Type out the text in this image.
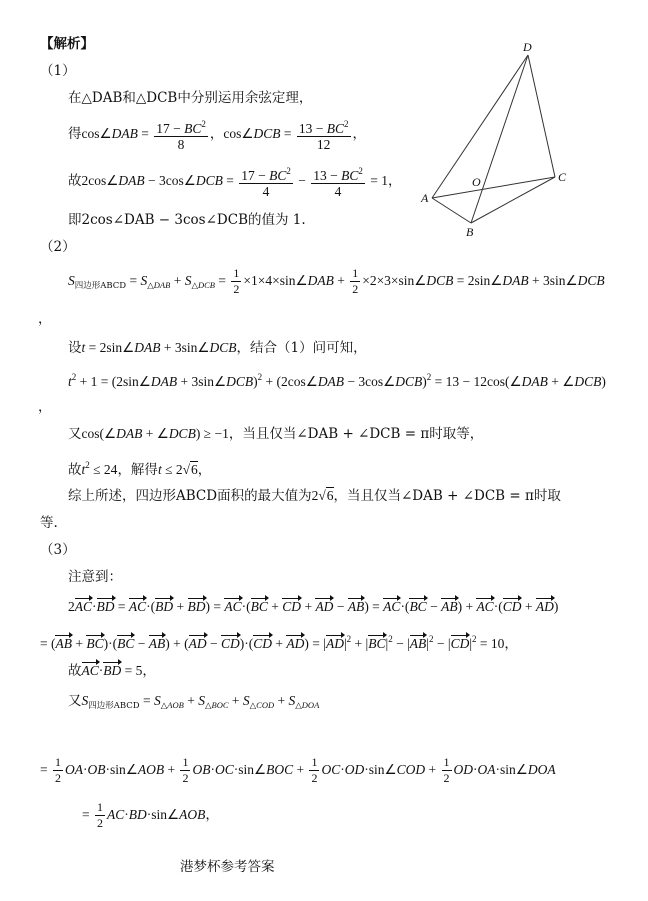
【解析】
（1）
在△DAB和△DCB中分别运用余弦定理，
得cos∠DAB = $\frac{17 - BC^2}{8}$ ，cos∠DCB = $\frac{13 - BC^2}{12}$ ，
故2cos∠DAB − 3cos∠DCB = $\frac{17 - BC^2}{4} - \frac{13 - BC^2}{4} = 1$，
即2cos∠DAB − 3cos∠DCB的值为 1.
D
A
O	C
B
（2）
$S_{四边形ABCD} = S_{\triangle DAB} + S_{\triangle DCB} = \frac{1}{2}$ ×1×4×sin∠DAB + $\frac{1}{2}$ ×2×3×sin∠DCB = 2sin∠DAB + 3sin∠DCB
，
设t = 2sin∠DAB + 3sin∠DCB，结合（1）问可知，
$t^2 + 1$ = (2sin∠DAB + 3sin∠DCB)$^2$ + (2cos∠DAB − 3cos∠DCB)$^2$ = 13 − 12cos(∠DAB + ∠DCB)
，
又cos(∠DAB + ∠DCB) ≥ −1，当且仅当∠DAB + ∠DCB = π时取等，
故$t^2 \le 24$，解得t ≤ 2√6，
综上所述，四边形ABCD面积的最大值为2√6，当且仅当∠DAB + ∠DCB = π时取
等.
（3）
注意到：
2AC·BD = AC·(BD + BD) = AC·(BC + CD + AD − AB) = AC·(BC − AB) + AC·(CD + AD)
= $(AB + BC)\cdot(BC - AB) + (AD - CD)\cdot(CD + AD) = |AD|^2 + |BC|^2 - |AB|^2 - |CD|^2 = 10$，
故AC·BD = 5，
又$S_{四边形ABCD} = S_{\triangle AOB} + S_{\triangle BOC} + S_{\triangle COD} + S_{\triangle DOA}$
= $\frac{1}{2}$ OA·OB·sin∠AOB + $\frac{1}{2}$ OB·OC·sin∠BOC + $\frac{1}{2}$ OC·OD·sin∠COD + $\frac{1}{2}$ OD·OA·sin∠DOA
= $\frac{1}{2}$ AC·BD·sin∠AOB，
港梦杯参考答案
